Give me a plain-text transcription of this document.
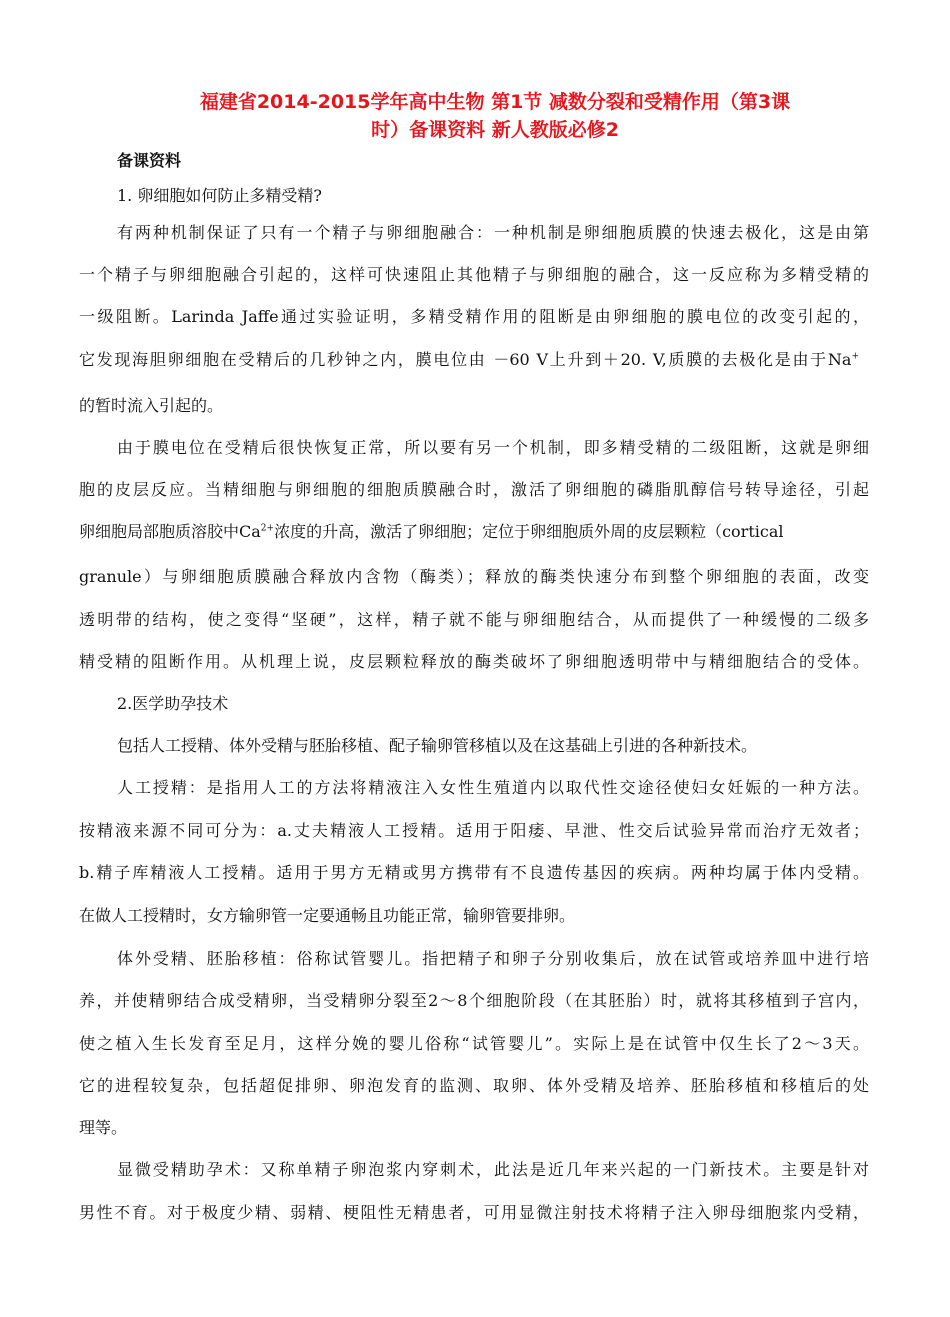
福建省2014-2015学年高中生物 第1节 减数分裂和受精作用（第3课
时）备课资料 新人教版必修2
备课资料
1. 卵细胞如何防止多精受精?
有两种机制保证了只有一个精子与卵细胞融合：一种机制是卵细胞质膜的快速去极化，这是由第
一个精子与卵细胞融合引起的，这样可快速阻止其他精子与卵细胞的融合，这一反应称为多精受精的
一级阻断。Larinda Jaffe通过实验证明，多精受精作用的阻断是由卵细胞的膜电位的改变引起的，
它发现海胆卵细胞在受精后的几秒钟之内，膜电位由 －60 V上升到＋20. V,质膜的去极化是由于Na+
的暂时流入引起的。
由于膜电位在受精后很快恢复正常，所以要有另一个机制，即多精受精的二级阻断，这就是卵细
胞的皮层反应。当精细胞与卵细胞的细胞质膜融合时，激活了卵细胞的磷脂肌醇信号转导途径，引起
卵细胞局部胞质溶胶中$Ca^{2+}$浓度的升高，激活了卵细胞；定位于卵细胞质外周的皮层颗粒（cortical
granule）与卵细胞质膜融合释放内含物（酶类）；释放的酶类快速分布到整个卵细胞的表面，改变
透明带的结构，使之变得“坚硬”，这样，精子就不能与卵细胞结合，从而提供了一种缓慢的二级多
精受精的阻断作用。从机理上说，皮层颗粒释放的酶类破坏了卵细胞透明带中与精细胞结合的受体。
2.医学助孕技术
包括人工授精、体外受精与胚胎移植、配子输卵管移植以及在这基础上引进的各种新技术。
人工授精：是指用人工的方法将精液注入女性生殖道内以取代性交途径使妇女妊娠的一种方法。
按精液来源不同可分为：a.丈夫精液人工授精。适用于阳痿、早泄、性交后试验异常而治疗无效者；
b.精子库精液人工授精。适用于男方无精或男方携带有不良遗传基因的疾病。两种均属于体内受精。
在做人工授精时，女方输卵管一定要通畅且功能正常，输卵管要排卵。
体外受精、胚胎移植：俗称试管婴儿。指把精子和卵子分别收集后，放在试管或培养皿中进行培
养，并使精卵结合成受精卵，当受精卵分裂至2～8个细胞阶段（在其胚胎）时，就将其移植到子宫内，
使之植入生长发育至足月，这样分娩的婴儿俗称“试管婴儿”。实际上是在试管中仅生长了2～3天。
它的进程较复杂，包括超促排卵、卵泡发育的监测、取卵、体外受精及培养、胚胎移植和移植后的处
理等。
显微受精助孕术：又称单精子卵泡浆内穿刺术，此法是近几年来兴起的一门新技术。主要是针对
男性不育。对于极度少精、弱精、梗阻性无精患者，可用显微注射技术将精子注入卵母细胞浆内受精，
